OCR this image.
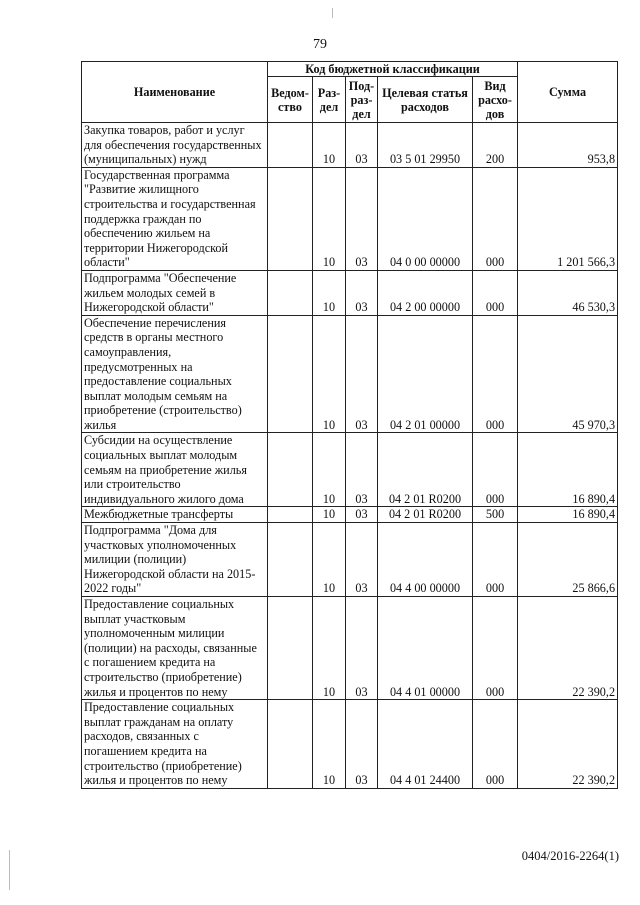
79
Наименование	Код бюджетной классификации					Сумма
	Ведом-ство	Раз-дел	Под-раз-дел	Целевая статья расходов	Вид расхо-дов	
Закупка товаров, работ и услуг для обеспечения государственных (муниципальных) нужд		10	03	03 5 01 29950	200	953,8
Государственная программа "Развитие жилищного строительства и государственная поддержка граждан по обеспечению жильем на территории Нижегородской области"		10	03	04 0 00 00000	000	1 201 566,3
Подпрограмма "Обеспечение жильем молодых семей в Нижегородской области"		10	03	04 2 00 00000	000	46 530,3
Обеспечение перечисления средств в органы местного самоуправления, предусмотренных на предоставление социальных выплат молодым семьям на приобретение (строительство) жилья		10	03	04 2 01 00000	000	45 970,3
Субсидии на осуществление социальных выплат молодым семьям на приобретение жилья или строительство индивидуального жилого дома		10	03	04 2 01 R0200	000	16 890,4
Межбюджетные трансферты		10	03	04 2 01 R0200	500	16 890,4
Подпрограмма "Дома для участковых уполномоченных милиции (полиции) Нижегородской области на 2015-2022 годы"		10	03	04 4 00 00000	000	25 866,6
Предоставление социальных выплат участковым уполномоченным милиции (полиции) на расходы, связанные с погашением кредита на строительство (приобретение) жилья и процентов по нему		10	03	04 4 01 00000	000	22 390,2
Предоставление социальных выплат гражданам на оплату расходов, связанных с погашением кредита на строительство (приобретение) жилья и процентов по нему		10	03	04 4 01 24400	000	22 390,2
0404/2016-2264(1)
